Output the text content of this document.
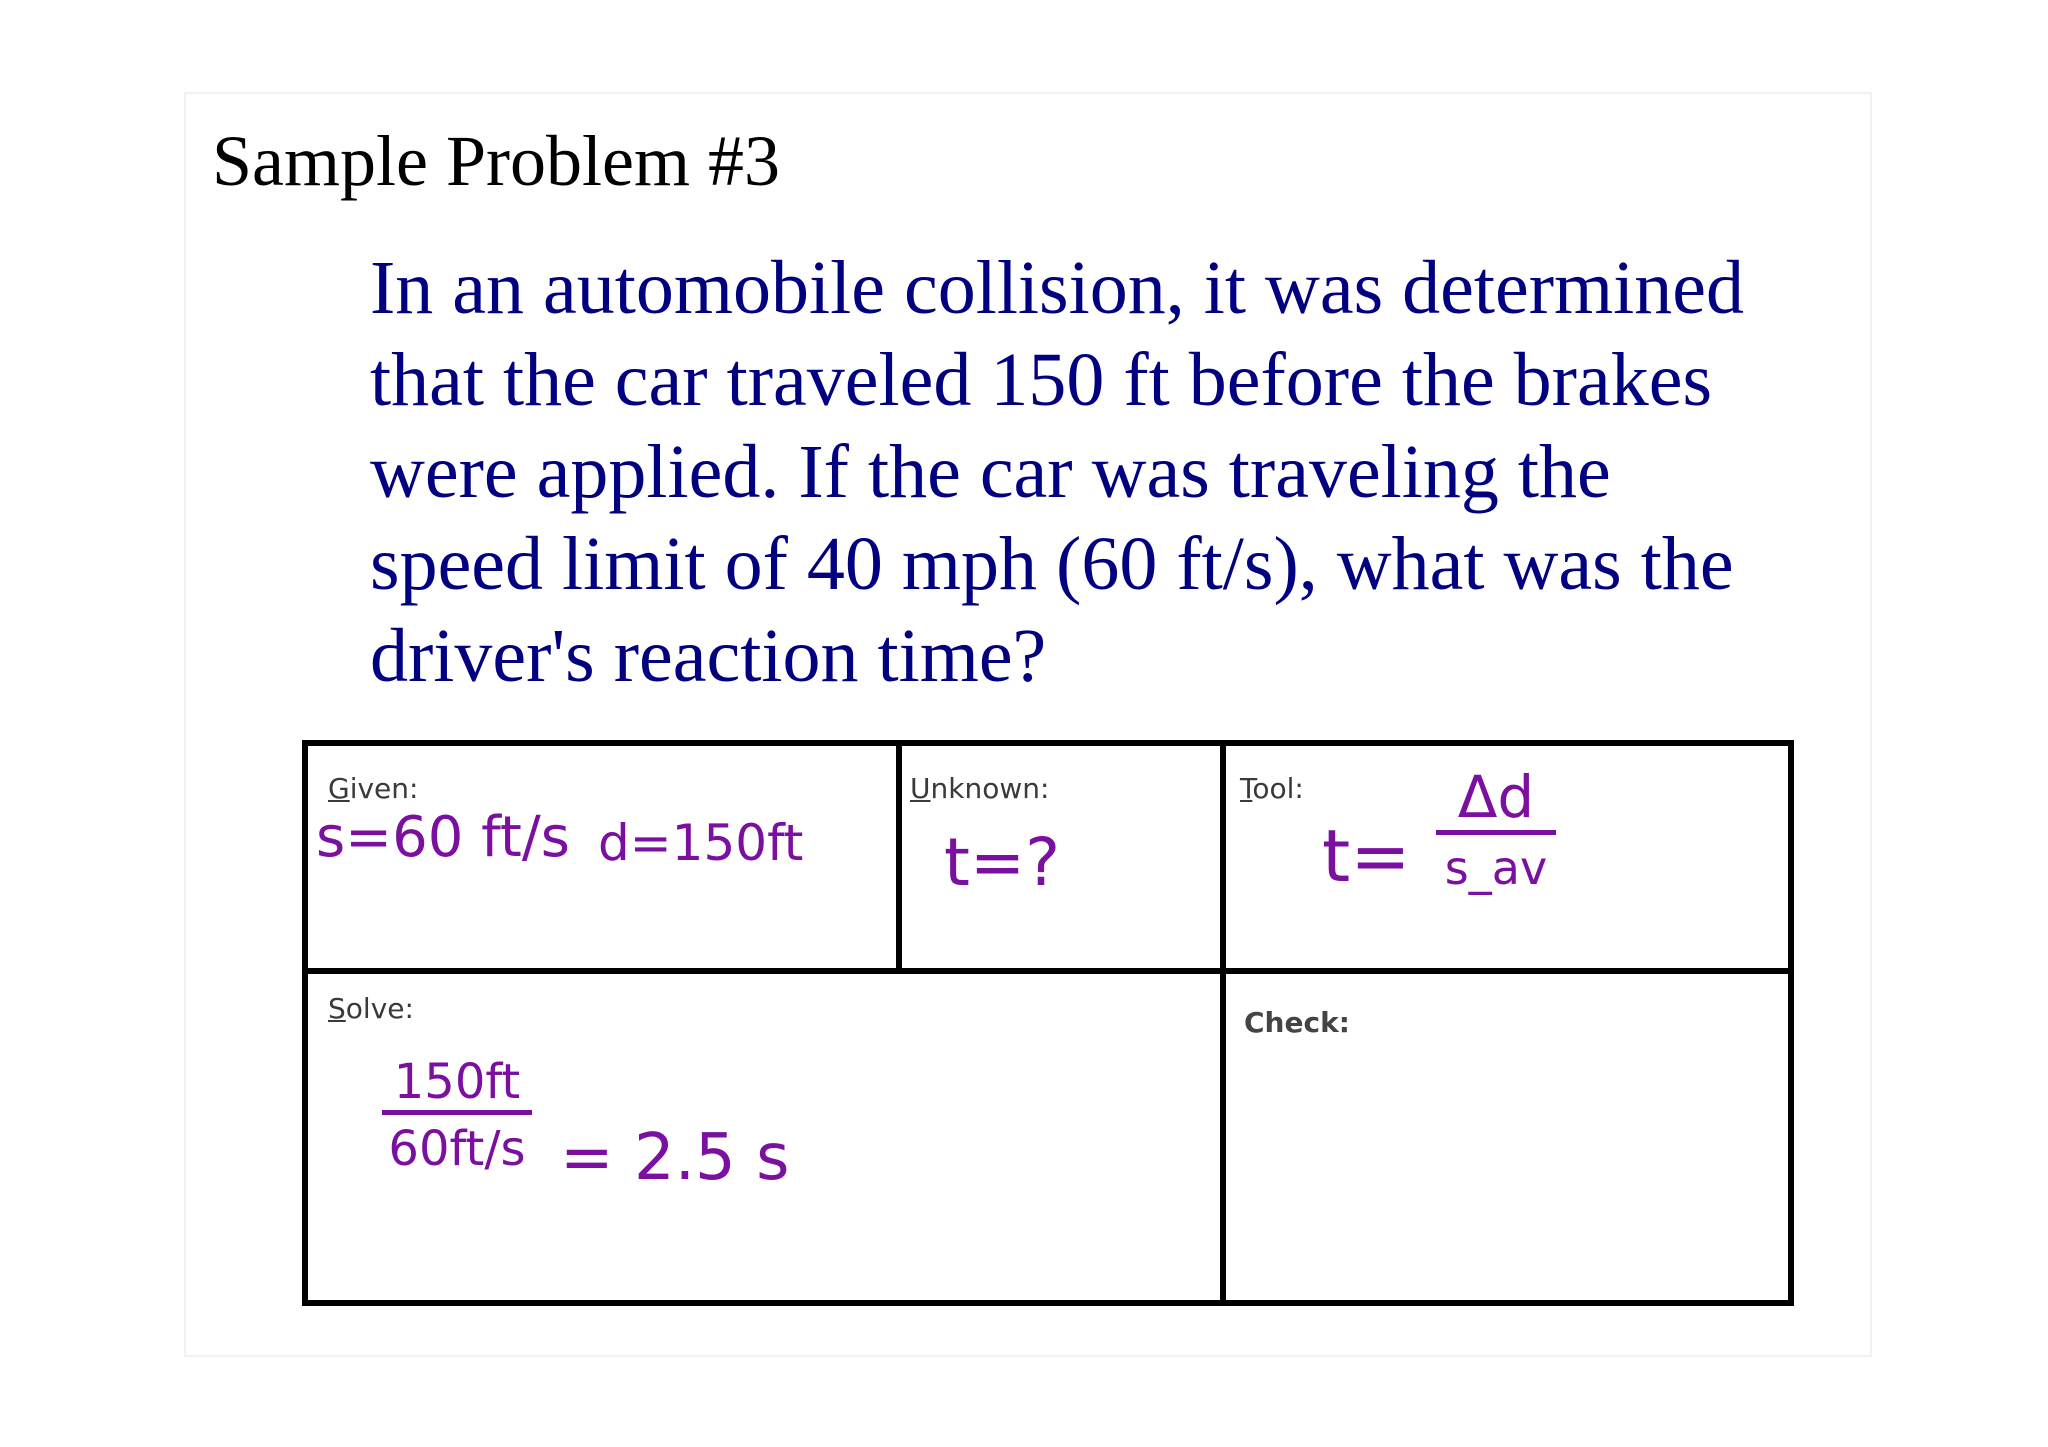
Sample Problem #3

In an automobile collision, it was determined
that the car traveled 150 ft before the brakes
were applied. If the car was traveling the
speed limit of 40 mph (60 ft/s), what was the
driver's reaction time?

Given:
s=60 ft/s d=150ft
Unknown:
t=?
Tool:
t=
Δd
s_av
Solve:
150ft
60ft/s = 2.5 s
Check:
